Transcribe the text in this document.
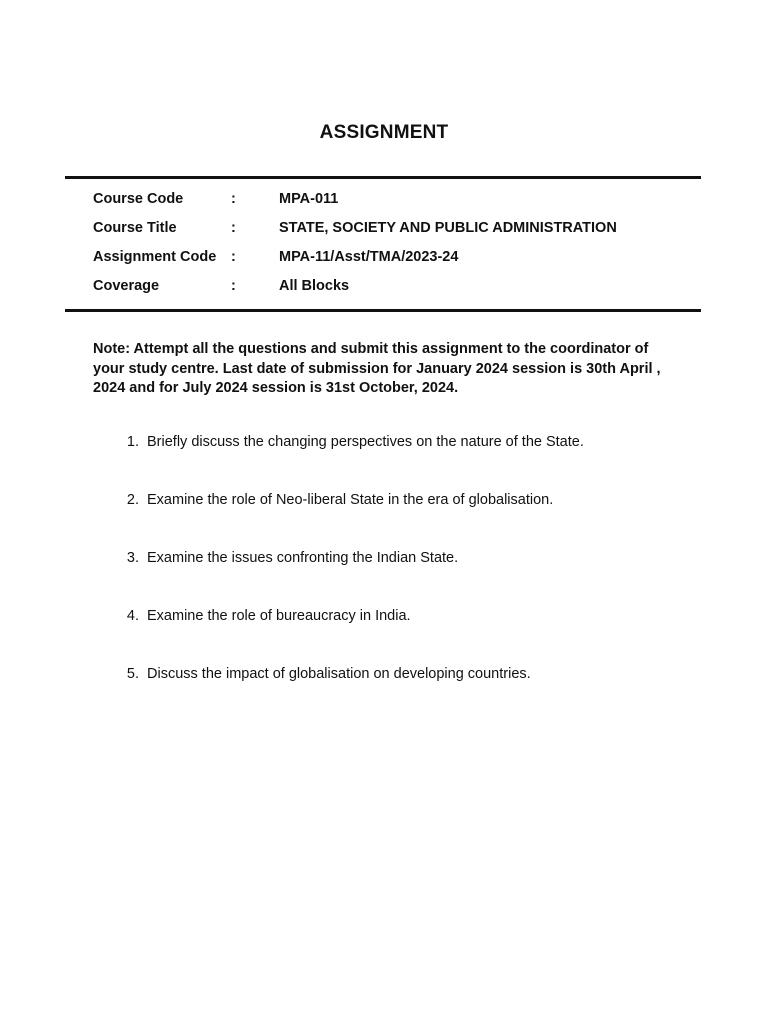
ASSIGNMENT
Course Code	:	MPA-011
Course Title	:	STATE, SOCIETY AND PUBLIC ADMINISTRATION
Assignment Code	:	MPA-11/Asst/TMA/2023-24
Coverage	:	All Blocks
Note: Attempt all the questions and submit this assignment to the coordinator of your study centre. Last date of submission for January 2024 session is 30th April , 2024 and for July 2024 session is 31st October, 2024.
1. Briefly discuss the changing perspectives on the nature of the State.
2. Examine the role of Neo-liberal State in the era of globalisation.
3. Examine the issues confronting the Indian State.
4. Examine the role of bureaucracy in India.
5. Discuss the impact of globalisation on developing countries.
